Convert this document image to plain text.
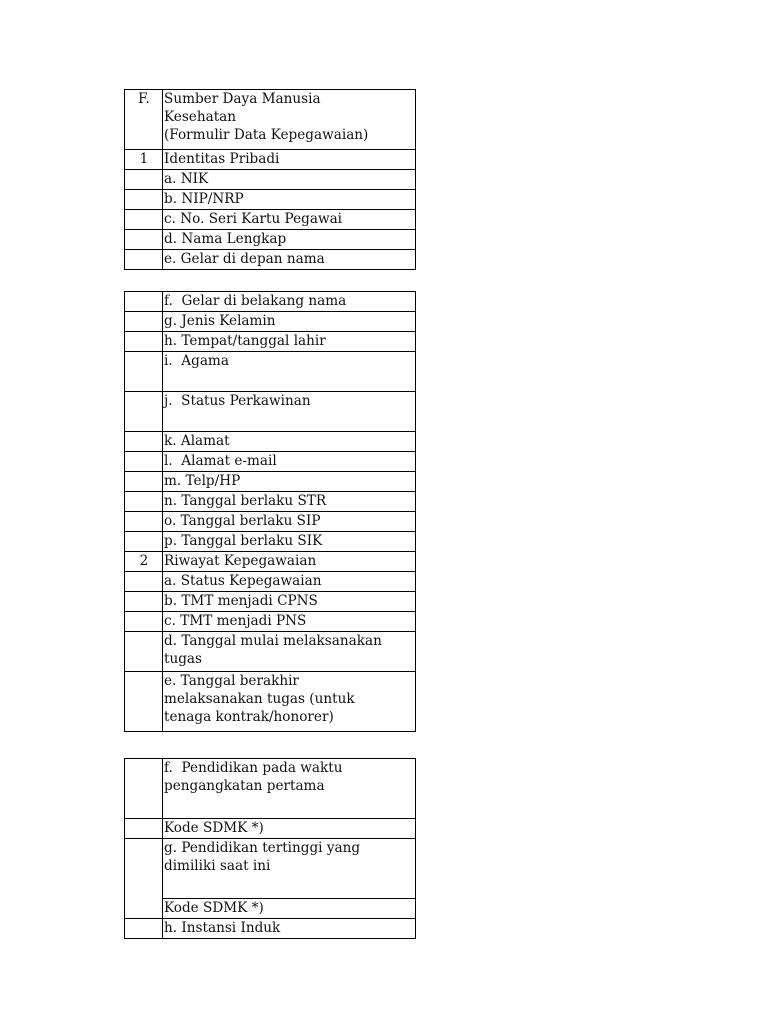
F.	Sumber Daya Manusia
Kesehatan
(Formulir Data Kepegawaian)
1	Identitas Pribadi
	a. NIK
	b. NIP/NRP
	c. No. Seri Kartu Pegawai
	d. Nama Lengkap
	e. Gelar di depan nama
	f.  Gelar di belakang nama
	g. Jenis Kelamin
	h. Tempat/tanggal lahir
	i.  Agama
	j.  Status Perkawinan
	k. Alamat
	l.  Alamat e-mail
	m. Telp/HP
	n. Tanggal berlaku STR
	o. Tanggal berlaku SIP
	p. Tanggal berlaku SIK
2	Riwayat Kepegawaian
	a. Status Kepegawaian
	b. TMT menjadi CPNS
	c. TMT menjadi PNS
	d. Tanggal mulai melaksanakan
tugas
	e. Tanggal berakhir
melaksanakan tugas (untuk
tenaga kontrak/honorer)
	f.  Pendidikan pada waktu
pengangkatan pertama
	Kode SDMK *)
	g. Pendidikan tertinggi yang
dimiliki saat ini
	Kode SDMK *)
	h. Instansi Induk
